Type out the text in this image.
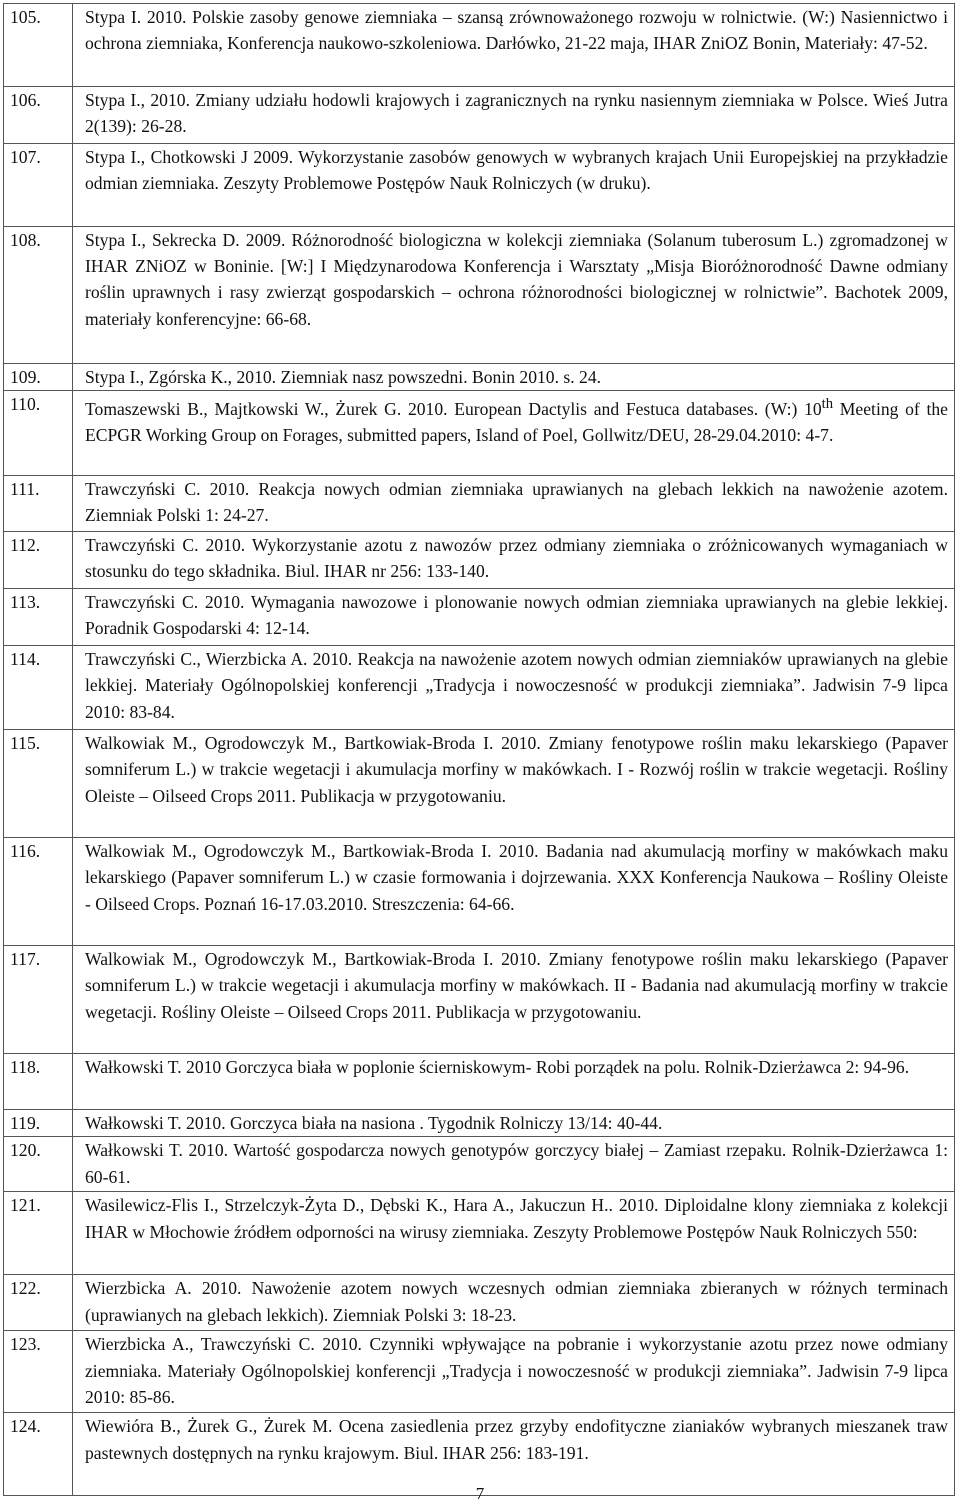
105.	Stypa I. 2010. Polskie zasoby genowe ziemniaka – szansą zrównoważonego rozwoju w rolnictwie. (W:) Nasiennictwo i ochrona ziemniaka, Konferencja naukowo-szkoleniowa. Darłówko, 21-22 maja, IHAR ZniOZ Bonin, Materiały: 47-52.
106.	Stypa I., 2010. Zmiany udziału hodowli krajowych i zagranicznych na rynku nasiennym ziemniaka w Polsce. Wieś Jutra 2(139): 26-28.
107.	Stypa I., Chotkowski J 2009. Wykorzystanie zasobów genowych w wybranych krajach Unii Europejskiej na przykładzie odmian ziemniaka. Zeszyty Problemowe Postępów Nauk Rolniczych (w druku).
108.	Stypa I., Sekrecka D. 2009. Różnorodność biologiczna w kolekcji ziemniaka (Solanum tuberosum L.) zgromadzonej w IHAR ZNiOZ w Boninie. [W:] I Międzynarodowa Konferencja i Warsztaty „Misja Bioróżnorodność Dawne odmiany roślin uprawnych i rasy zwierząt gospodarskich – ochrona różnorodności biologicznej w rolnictwie”. Bachotek 2009, materiały konferencyjne: 66-68.
109.	Stypa I., Zgórska K., 2010. Ziemniak nasz powszedni. Bonin 2010. s. 24.
110.	Tomaszewski B., Majtkowski W., Żurek G. 2010. European Dactylis and Festuca databases. (W:) 10th Meeting of the ECPGR Working Group on Forages, submitted papers, Island of Poel, Gollwitz/DEU, 28-29.04.2010: 4-7.
111.	Trawczyński C. 2010. Reakcja nowych odmian ziemniaka uprawianych na glebach lekkich na nawożenie azotem. Ziemniak Polski 1: 24-27.
112.	Trawczyński C. 2010. Wykorzystanie azotu z nawozów przez odmiany ziemniaka o zróżnicowanych wymaganiach w stosunku do tego składnika. Biul. IHAR nr 256: 133-140.
113.	Trawczyński C. 2010. Wymagania nawozowe i plonowanie nowych odmian ziemniaka uprawianych na glebie lekkiej. Poradnik Gospodarski 4: 12-14.
114.	Trawczyński C., Wierzbicka A. 2010. Reakcja na nawożenie azotem nowych odmian ziemniaków uprawianych na glebie lekkiej. Materiały Ogólnopolskiej konferencji „Tradycja i nowoczesność w produkcji ziemniaka”. Jadwisin 7-9 lipca 2010: 83-84.
115.	Walkowiak M., Ogrodowczyk M., Bartkowiak-Broda I. 2010. Zmiany fenotypowe roślin maku lekarskiego (Papaver somniferum L.) w trakcie wegetacji i akumulacja morfiny w makówkach. I - Rozwój roślin w trakcie wegetacji. Rośliny Oleiste – Oilseed Crops 2011. Publikacja w przygotowaniu.
116.	Walkowiak M., Ogrodowczyk M., Bartkowiak-Broda I. 2010. Badania nad akumulacją morfiny w makówkach maku lekarskiego (Papaver somniferum L.) w czasie formowania i dojrzewania. XXX Konferencja Naukowa – Rośliny Oleiste - Oilseed Crops. Poznań 16-17.03.2010. Streszczenia: 64-66.
117.	Walkowiak M., Ogrodowczyk M., Bartkowiak-Broda I. 2010. Zmiany fenotypowe roślin maku lekarskiego (Papaver somniferum L.) w trakcie wegetacji i akumulacja morfiny w makówkach. II - Badania nad akumulacją morfiny w trakcie wegetacji. Rośliny Oleiste – Oilseed Crops 2011. Publikacja w przygotowaniu.
118.	Wałkowski T. 2010 Gorczyca biała w poplonie ścierniskowym- Robi porządek na polu. Rolnik-Dzierżawca 2: 94-96.
119.	Wałkowski T. 2010. Gorczyca biała na nasiona . Tygodnik Rolniczy 13/14: 40-44.
120.	Wałkowski T. 2010. Wartość gospodarcza nowych genotypów gorczycy białej – Zamiast rzepaku. Rolnik-Dzierżawca 1: 60-61.
121.	Wasilewicz-Flis I., Strzelczyk-Żyta D., Dębski K., Hara A., Jakuczun H.. 2010. Diploidalne klony ziemniaka z kolekcji IHAR w Młochowie źródłem odporności na wirusy ziemniaka. Zeszyty Problemowe Postępów Nauk Rolniczych 550:
122.	Wierzbicka A. 2010. Nawożenie azotem nowych wczesnych odmian ziemniaka zbieranych w różnych terminach (uprawianych na glebach lekkich). Ziemniak Polski 3: 18-23.
123.	Wierzbicka A., Trawczyński C. 2010. Czynniki wpływające na pobranie i wykorzystanie azotu przez nowe odmiany ziemniaka. Materiały Ogólnopolskiej konferencji „Tradycja i nowoczesność w produkcji ziemniaka”. Jadwisin 7-9 lipca 2010: 85-86.
124.	Wiewióra B., Żurek G., Żurek M. Ocena zasiedlenia przez grzyby endofityczne zianiaków wybranych mieszanek traw pastewnych dostępnych na rynku krajowym. Biul. IHAR 256: 183-191.
7
